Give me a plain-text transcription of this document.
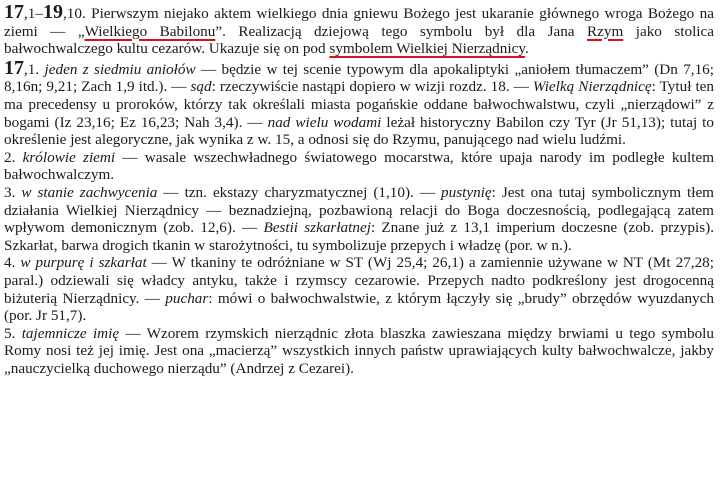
17,1–19,10. Pierwszym niejako aktem wielkiego dnia gniewu Bożego jest ukaranie głównego wroga Bożego na ziemi — „Wielkiego Babilonu”. Realizacją dziejową tego symbolu był dla Jana Rzym jako stolica bałwochwalczego kultu cezarów. Ukazuje się on pod symbolem Wielkiej Nierządnicy.

17,1. jeden z siedmiu aniołów — będzie w tej scenie typowym dla apokaliptyki „aniołem tłumaczem” (Dn 7,16; 8,16n; 9,21; Zach 1,9 itd.). — sąd: rzeczywiście nastąpi dopiero w wizji rozdz. 18. — Wielką Nierządnicę: Tytuł ten ma precedensy u proroków, którzy tak określali miasta pogańskie oddane bałwochwalstwu, czyli „nierządowi” z bogami (Iz 23,16; Ez 16,23; Nah 3,4). — nad wielu wodami leżał historyczny Babilon czy Tyr (Jr 51,13); tutaj to określenie jest alegoryczne, jak wynika z w. 15, a odnosi się do Rzymu, panującego nad wielu ludźmi.

2. królowie ziemi — wasale wszechwładnego światowego mocarstwa, które upaja narody im podległe kultem bałwochwalczym.

3. w stanie zachwycenia — tzn. ekstazy charyzmatycznej (1,10). — pustynię: Jest ona tutaj symbolicznym tłem działania Wielkiej Nierządnicy — beznadziejną, pozbawioną relacji do Boga doczesnością, podlegającą zatem wpływom demonicznym (zob. 12,6). — Bestii szkarłatnej: Znane już z 13,1 imperium doczesne (zob. przypis). Szkarłat, barwa drogich tkanin w starożytności, tu symbolizuje przepych i władzę (por. w n.).

4. w purpurę i szkarłat — W tkaniny te odróżniane w ST (Wj 25,4; 26,1) a zamiennie używane w NT (Mt 27,28; paral.) odziewali się władcy antyku, także i rzymscy cezarowie. Przepych nadto podkreślony jest drogocenną biżuterią Nierządnicy. — puchar: mówi o bałwochwalstwie, z którym łączyły się „brudy” obrzędów wyuzdanych (por. Jr 51,7).

5. tajemnicze imię — Wzorem rzymskich nierządnic złota blaszka zawieszana między brwiami u tego symbolu Romy nosi też jej imię. Jest ona „macierzą” wszystkich innych państw uprawiających kulty bałwochwalcze, jakby „nauczycielką duchowego nierządu” (Andrzej z Cezarei).
